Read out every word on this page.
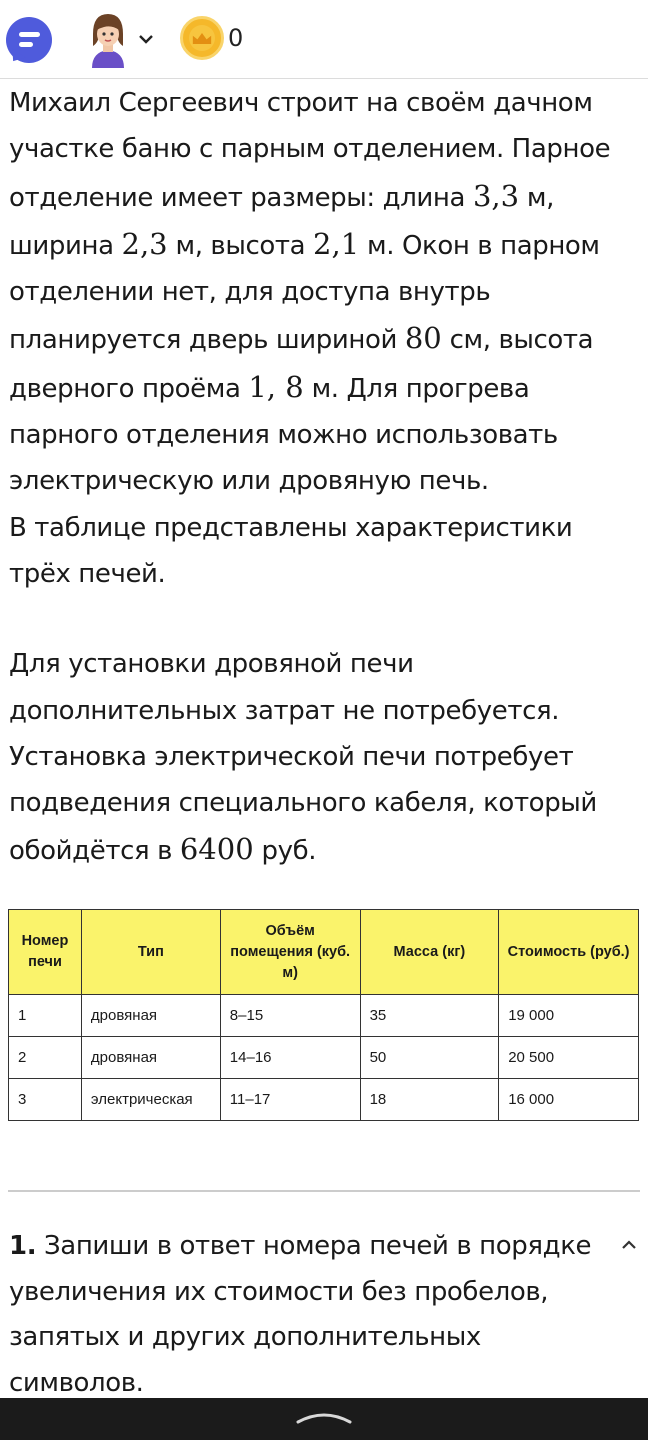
0

Михаил Сергеевич строит на своём дачном участке баню с парным отделением. Парное отделение имеет размеры: длина 3,3 м, ширина 2,3 м, высота 2,1 м. Окон в парном отделении нет, для доступа внутрь планируется дверь шириной 80 см, высота дверного проёма 1, 8 м. Для прогрева парного отделения можно использовать электрическую или дровяную печь.

В таблице представлены характеристики трёх печей.

Для установки дровяной печи дополнительных затрат не потребуется. Установка электрической печи потребует подведения специального кабеля, который обойдётся в 6400 руб.

Номер печи	Тип	Объём помещения (куб. м)	Масса (кг)	Стоимость (руб.)
1	дровяная	8–15	35	19 000
2	дровяная	14–16	50	20 500
3	электрическая	11–17	18	16 000

1. Запиши в ответ номера печей в порядке увеличения их стоимости без пробелов, запятых и других дополнительных символов.
